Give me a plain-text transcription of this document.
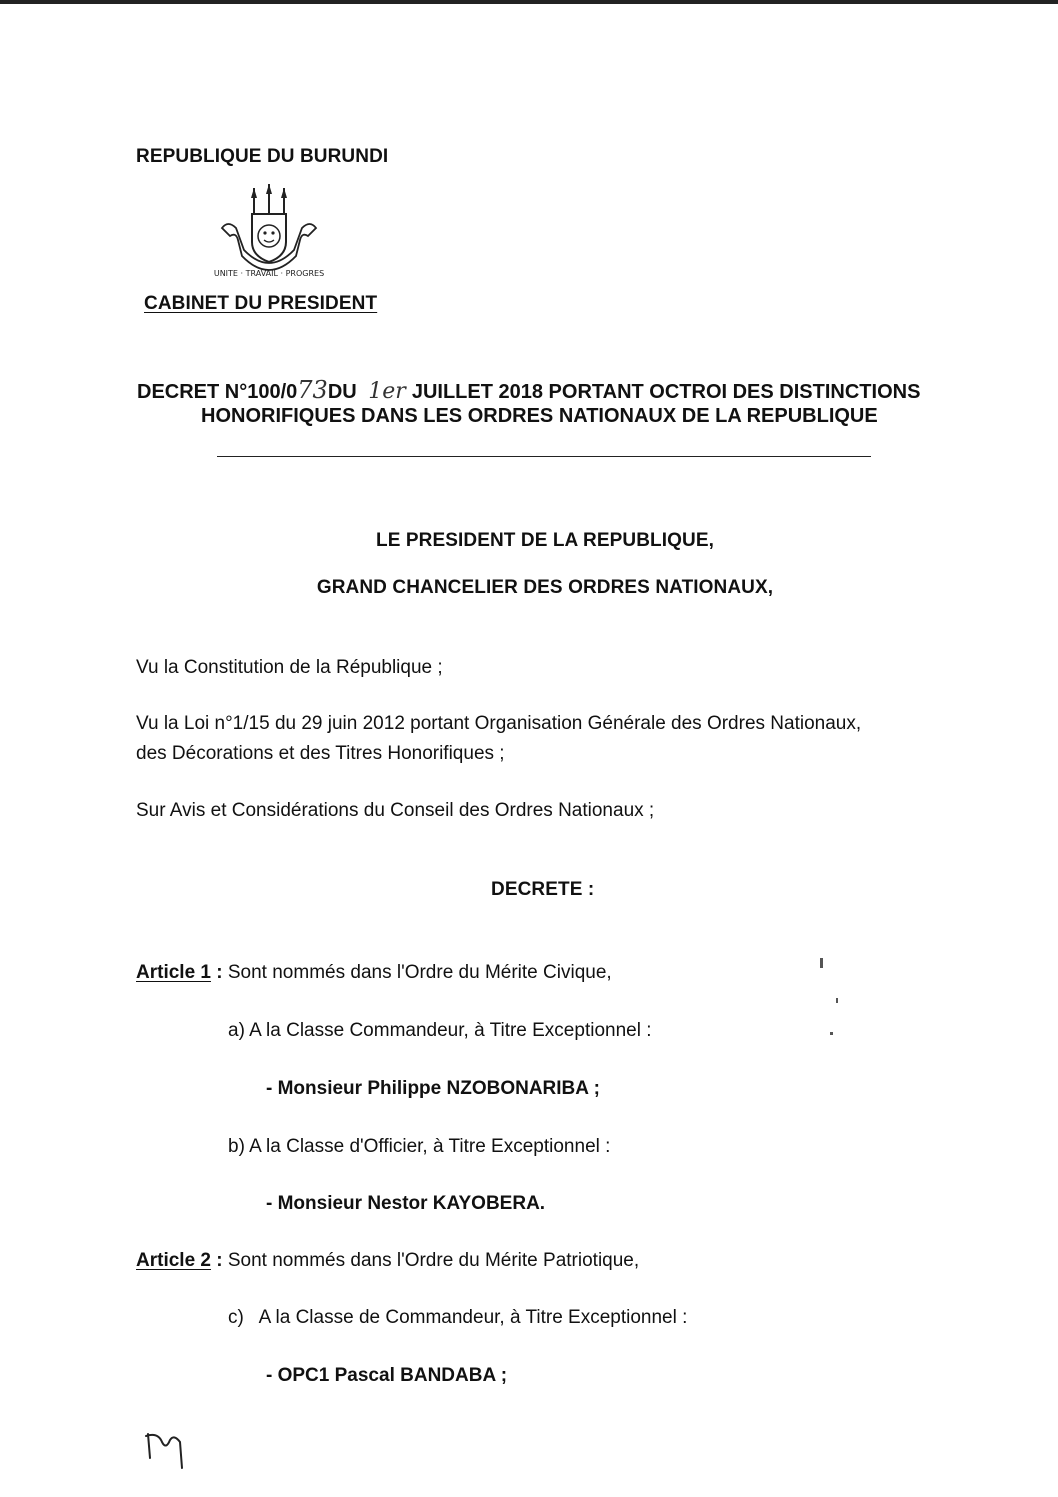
REPUBLIQUE DU BURUNDI
UNITE · TRAVAIL · PROGRES
CABINET DU PRESIDENT
DECRET N°100/073DU 1er JUILLET 2018 PORTANT OCTROI DES DISTINCTIONS
HONORIFIQUES DANS LES ORDRES NATIONAUX DE LA REPUBLIQUE
LE PRESIDENT DE LA REPUBLIQUE,
GRAND CHANCELIER DES ORDRES NATIONAUX,
Vu la Constitution de la République ;
Vu la Loi n°1/15 du 29 juin 2012 portant Organisation Générale des Ordres Nationaux,
des Décorations et des Titres Honorifiques ;
Sur Avis et Considérations du Conseil des Ordres Nationaux ;
DECRETE :
Article 1 : Sont nommés dans l'Ordre du Mérite Civique,
a) A la Classe Commandeur, à Titre Exceptionnel :
- Monsieur Philippe NZOBONARIBA ;
b) A la Classe d'Officier, à Titre Exceptionnel :
- Monsieur Nestor KAYOBERA.
Article 2 : Sont nommés dans l'Ordre du Mérite Patriotique,
c)   A la Classe de Commandeur, à Titre Exceptionnel :
- OPC1 Pascal BANDABA ;
